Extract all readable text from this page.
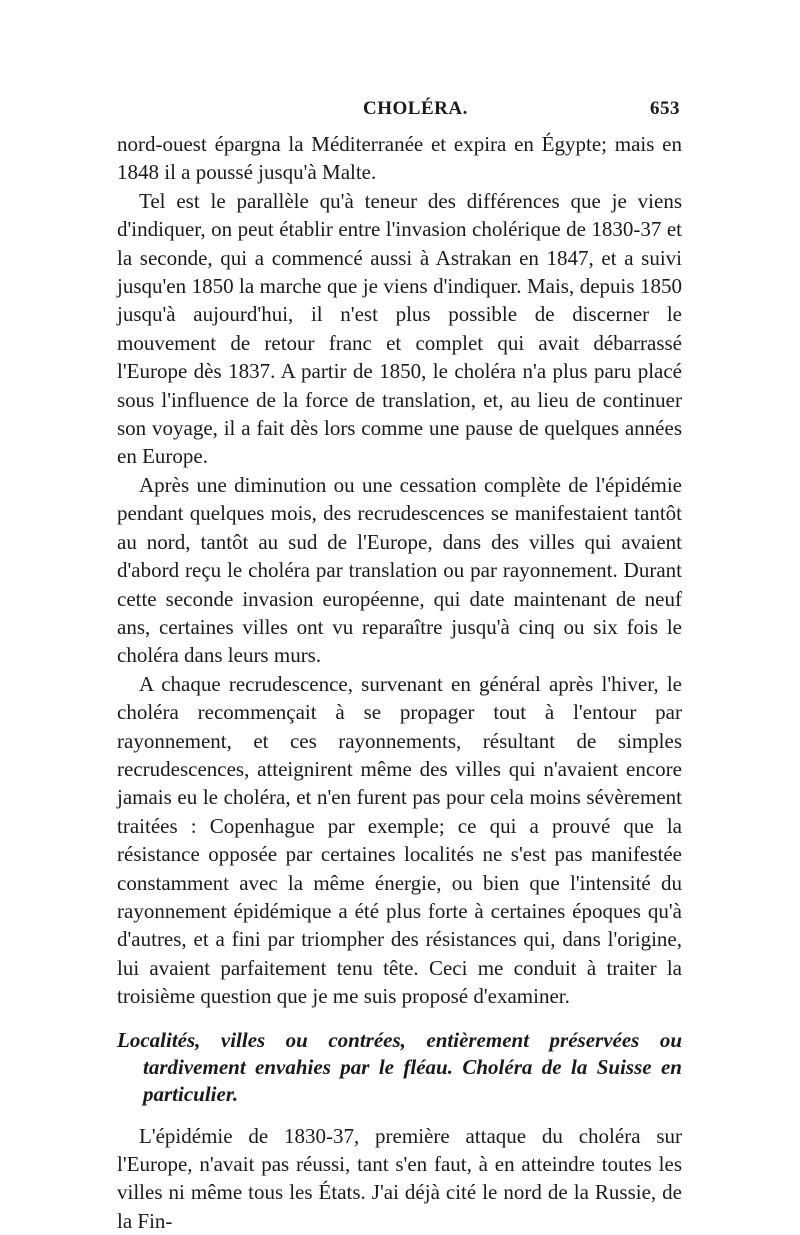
CHOLÉRA.	653

nord-ouest épargna la Méditerranée et expira en Égypte; mais en 1848 il a poussé jusqu'à Malte.

Tel est le parallèle qu'à teneur des différences que je viens d'indiquer, on peut établir entre l'invasion cholérique de 1830-37 et la seconde, qui a commencé aussi à Astrakan en 1847, et a suivi jusqu'en 1850 la marche que je viens d'indiquer. Mais, depuis 1850 jusqu'à aujourd'hui, il n'est plus possible de discerner le mouvement de retour franc et complet qui avait débarrassé l'Europe dès 1837. A partir de 1850, le choléra n'a plus paru placé sous l'influence de la force de translation, et, au lieu de continuer son voyage, il a fait dès lors comme une pause de quelques années en Europe.

Après une diminution ou une cessation complète de l'épidémie pendant quelques mois, des recrudescences se manifestaient tantôt au nord, tantôt au sud de l'Europe, dans des villes qui avaient d'abord reçu le choléra par translation ou par rayonnement. Durant cette seconde invasion européenne, qui date maintenant de neuf ans, certaines villes ont vu reparaître jusqu'à cinq ou six fois le choléra dans leurs murs.

A chaque recrudescence, survenant en général après l'hiver, le choléra recommençait à se propager tout à l'entour par rayonnement, et ces rayonnements, résultant de simples recrudescences, atteignirent même des villes qui n'avaient encore jamais eu le choléra, et n'en furent pas pour cela moins sévèrement traitées : Copenhague par exemple; ce qui a prouvé que la résistance opposée par certaines localités ne s'est pas manifestée constamment avec la même énergie, ou bien que l'intensité du rayonnement épidémique a été plus forte à certaines époques qu'à d'autres, et a fini par triompher des résistances qui, dans l'origine, lui avaient parfaitement tenu tête. Ceci me conduit à traiter la troisième question que je me suis proposé d'examiner.

Localités, villes ou contrées, entièrement préservées ou tardivement envahies par le fléau. Choléra de la Suisse en particulier.

L'épidémie de 1830-37, première attaque du choléra sur l'Europe, n'avait pas réussi, tant s'en faut, à en atteindre toutes les villes ni même tous les États. J'ai déjà cité le nord de la Russie, de la Fin-
